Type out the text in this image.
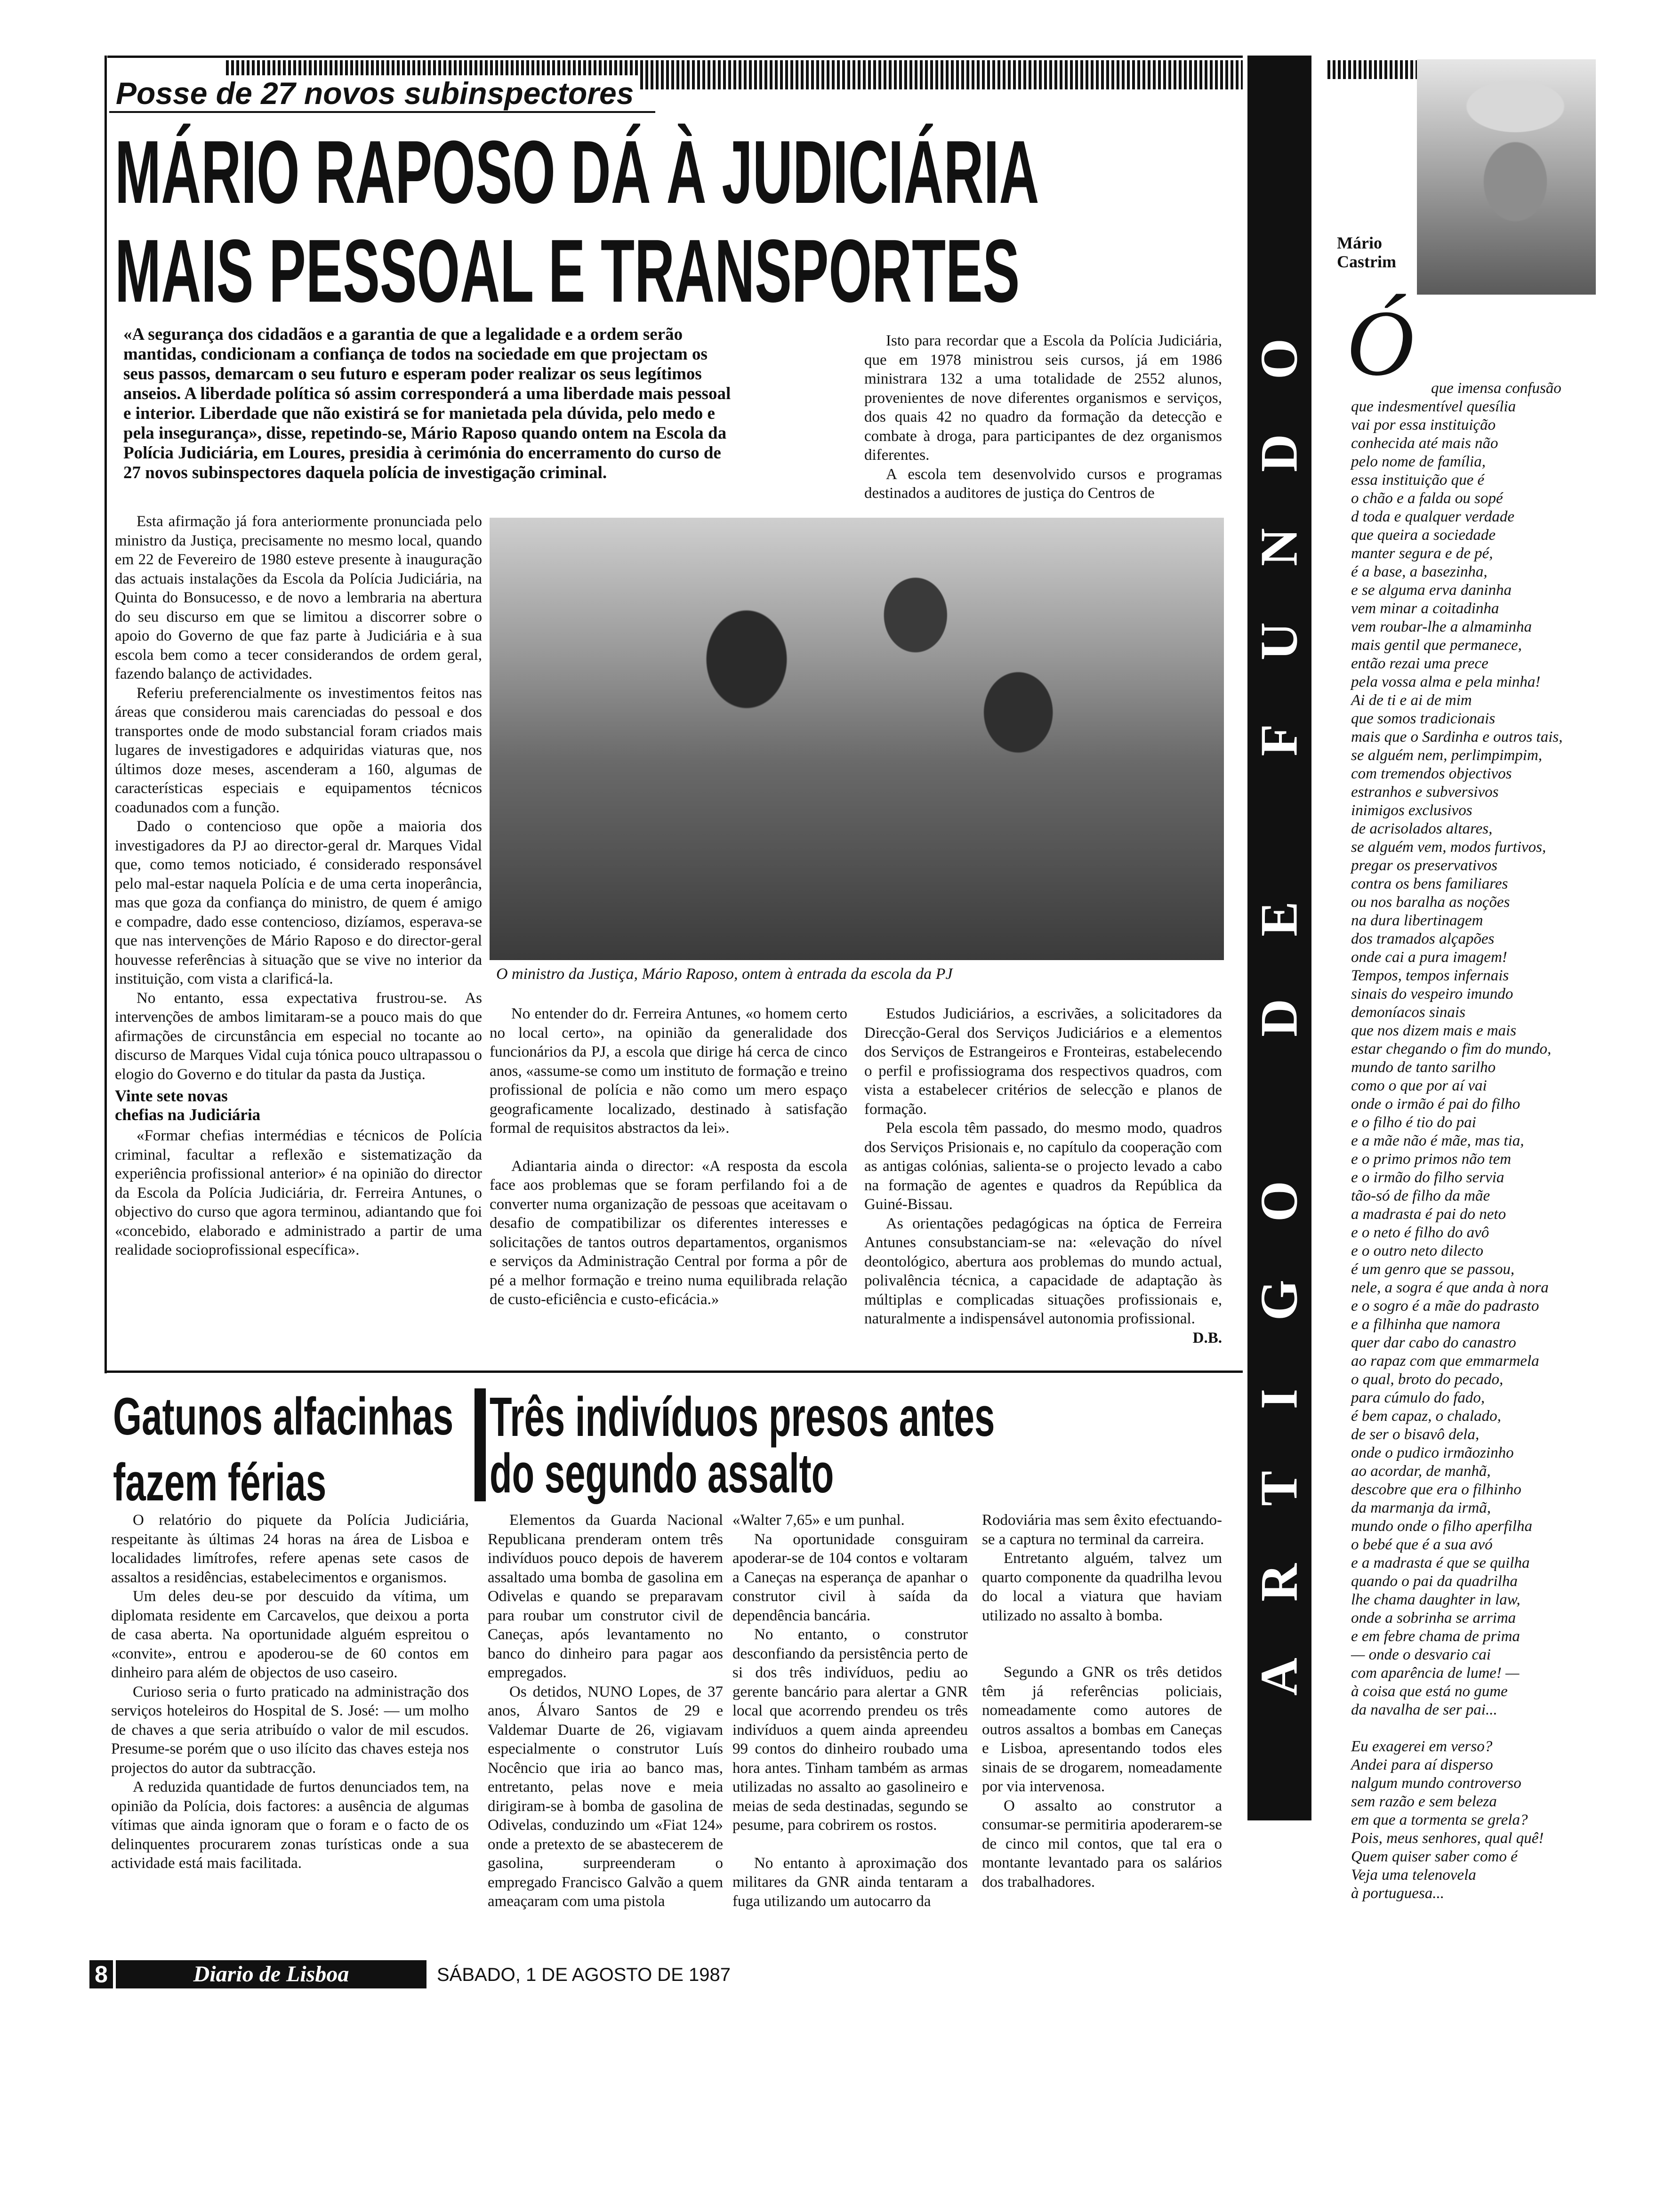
Posse de 27 novos subinspectores
MÁRIO RAPOSO DÁ À JUDICIÁRIA
MAIS PESSOAL E TRANSPORTES
«A segurança dos cidadãos e a garantia de que a legalidade e a ordem serão
mantidas, condicionam a confiança de todos na sociedade em que projectam os
seus passos, demarcam o seu futuro e esperam poder realizar os seus legítimos
anseios. A liberdade política só assim corresponderá a uma liberdade mais pessoal
e interior. Liberdade que não existirá se for manietada pela dúvida, pelo medo e
pela insegurança», disse, repetindo-se, Mário Raposo quando ontem na Escola da
Polícia Judiciária, em Loures, presidia à cerimónia do encerramento do curso de
27 novos subinspectores daquela polícia de investigação criminal.

Isto para recordar que a Escola da Polícia Judiciária, que em 1978 ministrou seis cursos, já em 1986 ministrara 132 a uma totalidade de 2552 alunos, provenientes de nove diferentes organismos e serviços, dos quais 42 no quadro da formação da detecção e combate à droga, para participantes de dez organismos diferentes.

A escola tem desenvolvido cursos e programas destinados a auditores de justiça do Centros de

Esta afirmação já fora anteriormente pronunciada pelo ministro da Justiça, precisamente no mesmo local, quando em 22 de Fevereiro de 1980 esteve presente à inauguração das actuais instalações da Escola da Polícia Judiciária, na Quinta do Bonsucesso, e de novo a lembraria na abertura do seu discurso em que se limitou a discorrer sobre o apoio do Governo de que faz parte à Judiciária e à sua escola bem como a tecer considerandos de ordem geral, fazendo balanço de actividades.

Referiu preferencialmente os investimentos feitos nas áreas que considerou mais carenciadas do pessoal e dos transportes onde de modo substancial foram criados mais lugares de investigadores e adquiridas viaturas que, nos últimos doze meses, ascenderam a 160, algumas de características especiais e equipamentos técnicos coadunados com a função.

Dado o contencioso que opõe a maioria dos investigadores da PJ ao director-geral dr. Marques Vidal que, como temos noticiado, é considerado responsável pelo mal-estar naquela Polícia e de uma certa inoperância, mas que goza da confiança do ministro, de quem é amigo e compadre, dado esse contencioso, dizíamos, esperava-se que nas intervenções de Mário Raposo e do director-geral houvesse referências à situação que se vive no interior da instituição, com vista a clarificá-la.

No entanto, essa expectativa frustrou-se. As intervenções de ambos limitaram-se a pouco mais do que afirmações de circunstância em especial no tocante ao discurso de Marques Vidal cuja tónica pouco ultrapassou o elogio do Governo e do titular da pasta da Justiça.

Vinte sete novas
chefias na Judiciária

«Formar chefias intermédias e técnicos de Polícia criminal, facultar a reflexão e sistematização da experiência profissional anterior» é na opinião do director da Escola da Polícia Judiciária, dr. Ferreira Antunes, o objectivo do curso que agora terminou, adiantando que foi «concebido, elaborado e administrado a partir de uma realidade socioprofissional específica».

O ministro da Justiça, Mário Raposo, ontem à entrada da escola da PJ

No entender do dr. Ferreira Antunes, «o homem certo no local certo», na opinião da generalidade dos funcionários da PJ, a escola que dirige há cerca de cinco anos, «assume-se como um instituto de formação e treino profissional de polícia e não como um mero espaço geograficamente localizado, destinado à satisfação formal de requisitos abstractos da lei».

Adiantaria ainda o director: «A resposta da escola face aos problemas que se foram perfilando foi a de converter numa organização de pessoas que aceitavam o desafio de compatibilizar os diferentes interesses e solicitações de tantos outros departamentos, organismos e serviços da Administração Central por forma a pôr de pé a melhor formação e treino numa equilibrada relação de custo-eficiência e custo-eficácia.»

Estudos Judiciários, a escrivães, a solicitadores da Direcção-Geral dos Serviços Judiciários e a elementos dos Serviços de Estrangeiros e Fronteiras, estabelecendo o perfil e profissiograma dos respectivos quadros, com vista a estabelecer critérios de selecção e planos de formação.

Pela escola têm passado, do mesmo modo, quadros dos Serviços Prisionais e, no capítulo da cooperação com as antigas colónias, salienta-se o projecto levado a cabo na formação de agentes e quadros da República da Guiné-Bissau.

As orientações pedagógicas na óptica de Ferreira Antunes consubstanciam-se na: «elevação do nível deontológico, abertura aos problemas do mundo actual, polivalência técnica, a capacidade de adaptação às múltiplas e complicadas situações profissionais e, naturalmente a indispensável autonomia profissional.

D.B.
Gatunos alfacinhas
fazem férias

O relatório do piquete da Polícia Judiciária, respeitante às últimas 24 horas na área de Lisboa e localidades limítrofes, refere apenas sete casos de assaltos a residências, estabelecimentos e organismos.

Um deles deu-se por descuido da vítima, um diplomata residente em Carcavelos, que deixou a porta de casa aberta. Na oportunidade alguém espreitou o «convite», entrou e apoderou-se de 60 contos em dinheiro para além de objectos de uso caseiro.

Curioso seria o furto praticado na administração dos serviços hoteleiros do Hospital de S. José: — um molho de chaves a que seria atribuído o valor de mil escudos. Presume-se porém que o uso ilícito das chaves esteja nos projectos do autor da subtracção.

A reduzida quantidade de furtos denunciados tem, na opinião da Polícia, dois factores: a ausência de algumas vítimas que ainda ignoram que o foram e o facto de os delinquentes procurarem zonas turísticas onde a sua actividade está mais facilitada.

Três indivíduos presos antes
do segundo assalto

Elementos da Guarda Nacional Republicana prenderam ontem três indivíduos pouco depois de haverem assaltado uma bomba de gasolina em Odivelas e quando se preparavam para roubar um construtor civil de Caneças, após levantamento no banco do dinheiro para pagar aos empregados.

Os detidos, NUNO Lopes, de 37 anos, Álvaro Santos de 29 e Valdemar Duarte de 26, vigiavam especialmente o construtor Luís Nocêncio que iria ao banco mas, entretanto, pelas nove e meia dirigiram-se à bomba de gasolina de Odivelas, conduzindo um «Fiat 124» onde a pretexto de se abastecerem de gasolina, surpreenderam o empregado Francisco Galvão a quem ameaçaram com uma pistola

«Walter 7,65» e um punhal.

Na oportunidade consguiram apoderar-se de 104 contos e voltaram a Caneças na esperança de apanhar o construtor civil à saída da dependência bancária.

No entanto, o construtor desconfiando da persistência perto de si dos três indivíduos, pediu ao gerente bancário para alertar a GNR local que acorrendo prendeu os três indivíduos a quem ainda apreendeu 99 contos do dinheiro roubado uma hora antes. Tinham também as armas utilizadas no assalto ao gasolineiro e meias de seda destinadas, segundo se pesume, para cobrirem os rostos.

No entanto à aproximação dos militares da GNR ainda tentaram a fuga utilizando um autocarro da

Rodoviária mas sem êxito efectuando-se a captura no terminal da carreira.

Entretanto alguém, talvez um quarto componente da quadrilha levou do local a viatura que haviam utilizado no assalto à bomba.

Segundo a GNR os três detidos têm já referências policiais, nomeadamente como autores de outros assaltos a bombas em Caneças e Lisboa, apresentando todos eles sinais de se drogarem, nomeadamente por via intervenosa.

O assalto ao construtor a consumar-se permitiria apoderarem-se de cinco mil contos, que tal era o montante levantado para os salários dos trabalhadores.

A
R
T
I
G
O
D
E
F
U
N
D
O
Mário
Castrim
Ó	que imensa confusão

que indesmentível quesília

vai por essa instituição

conhecida até mais não

pelo nome de família,

essa instituição que é

o chão e a falda ou sopé

d toda e qualquer verdade

que queira a sociedade

manter segura e de pé,

é a base, a basezinha,

e se alguma erva daninha

vem minar a coitadinha

vem roubar-lhe a almaminha

mais gentil que permanece,

então rezai uma prece

pela vossa alma e pela minha!

Ai de ti e ai de mim

que somos tradicionais

mais que o Sardinha e outros tais,

se alguém nem, perlimpimpim,

com tremendos objectivos

estranhos e subversivos

inimigos exclusivos

de acrisolados altares,

se alguém vem, modos furtivos,

pregar os preservativos

contra os bens familiares

ou nos baralha as noções

na dura libertinagem

dos tramados alçapões

onde cai a pura imagem!

Tempos, tempos infernais

sinais do vespeiro imundo

demoníacos sinais

que nos dizem mais e mais

estar chegando o fim do mundo,

mundo de tanto sarilho

como o que por aí vai

onde o irmão é pai do filho

e o filho é tio do pai

e a mãe não é mãe, mas tia,

e o primo primos não tem

e o irmão do filho servia

tão-só de filho da mãe

a madrasta é pai do neto

e o neto é filho do avô

e o outro neto dilecto

é um genro que se passou,

nele, a sogra é que anda à nora

e o sogro é a mãe do padrasto

e a filhinha que namora

quer dar cabo do canastro

ao rapaz com que emmarmela

o qual, broto do pecado,

para cúmulo do fado,

é bem capaz, o chalado,

de ser o bisavô dela,

onde o pudico irmãozinho

ao acordar, de manhã,

descobre que era o filhinho

da marmanja da irmã,

mundo onde o filho aperfilha

o bebé que é a sua avó

e a madrasta é que se quilha

quando o pai da quadrilha

lhe chama daughter in law,

onde a sobrinha se arrima

e em febre chama de prima

— onde o desvario cai

com aparência de lume! —

à coisa que está no gume

da navalha de ser pai...

Eu exagerei em verso?

Andei para aí disperso

nalgum mundo controverso

sem razão e sem beleza

em que a tormenta se grela?

Pois, meus senhores, qual quê!

Quem quiser saber como é

Veja uma telenovela

à portuguesa...

8	Diario de Lisboa	SÁBADO, 1 DE AGOSTO DE 1987
